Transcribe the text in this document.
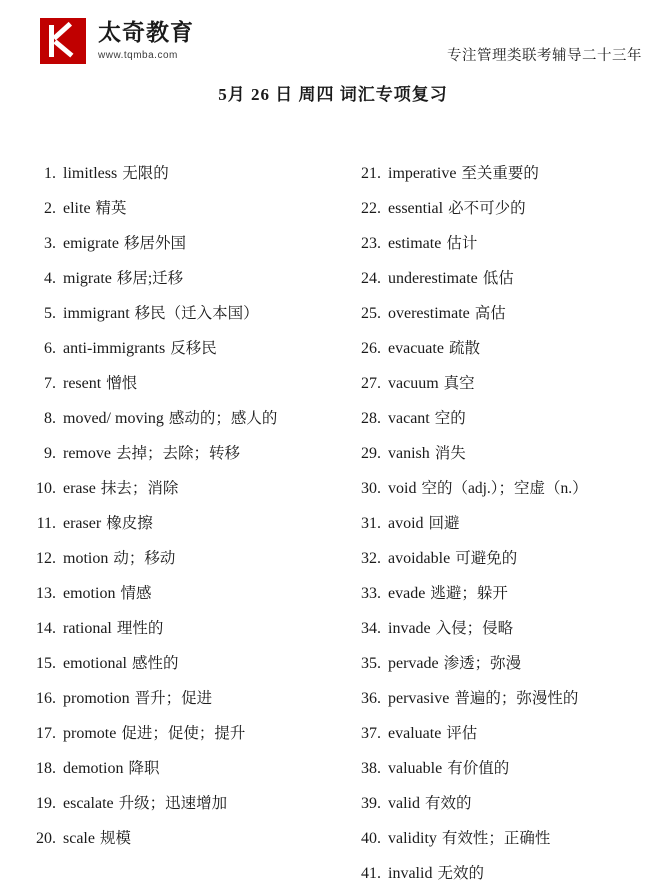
太奇教育
www.tqmba.com	专注管理类联考辅导二十三年
5月 26 日 周四 词汇专项复习
1. limitless 无限的
2. elite 精英
3. emigrate 移居外国
4. migrate 移居;迁移
5. immigrant 移民（迁入本国）
6. anti-immigrants 反移民
7. resent 憎恨
8. moved/ moving 感动的；感人的
9. remove 去掉；去除；转移
10. erase 抹去；消除
11. eraser 橡皮擦
12. motion 动；移动
13. emotion 情感
14. rational 理性的
15. emotional 感性的
16. promotion 晋升；促进
17. promote 促进；促使；提升
18. demotion 降职
19. escalate 升级；迅速增加
20. scale 规模
21. imperative 至关重要的
22. essential 必不可少的
23. estimate 估计
24. underestimate 低估
25. overestimate 高估
26. evacuate 疏散
27. vacuum 真空
28. vacant 空的
29. vanish 消失
30. void 空的（adj.）；空虚（n.）
31. avoid 回避
32. avoidable 可避免的
33. evade 逃避；躲开
34. invade 入侵；侵略
35. pervade 渗透；弥漫
36. pervasive 普遍的；弥漫性的
37. evaluate 评估
38. valuable 有价值的
39. valid 有效的
40. validity 有效性；正确性
41. invalid 无效的
